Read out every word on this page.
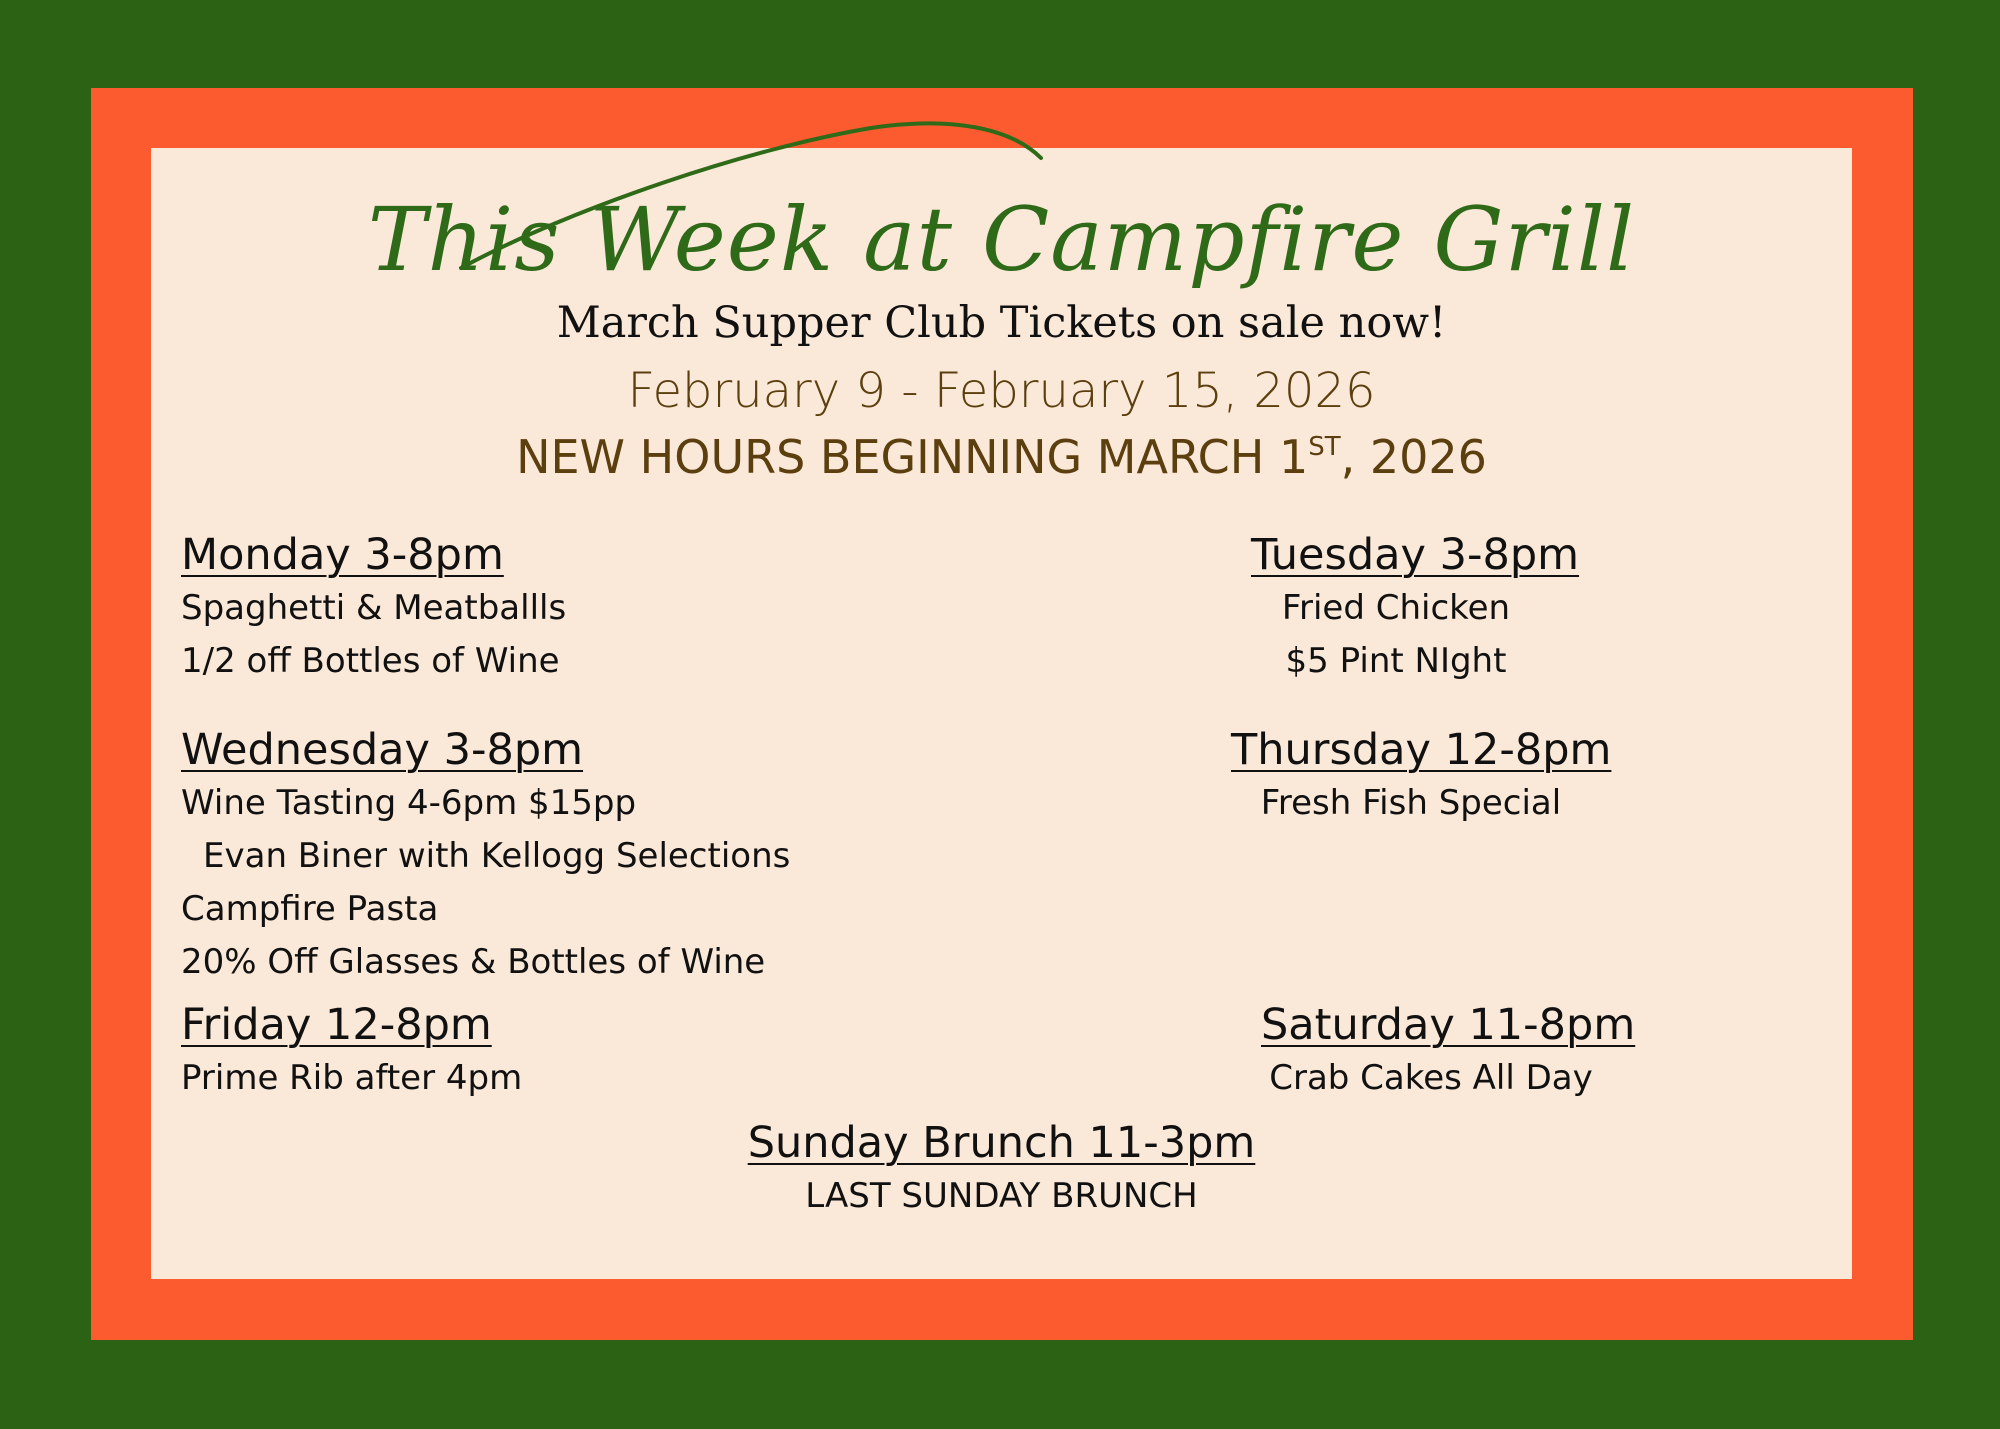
This Week at Campfire Grill
March Supper Club Tickets on sale now!
February 9 - February 15, 2026
NEW HOURS BEGINNING MARCH 1ST, 2026
Monday 3-8pm
Spaghetti & Meatballls
1/2 off Bottles of Wine
Tuesday 3-8pm
Fried Chicken
$5 Pint NIght
Wednesday 3-8pm
Wine Tasting 4-6pm $15pp
Evan Biner with Kellogg Selections
Campfire Pasta
20% Off Glasses & Bottles of Wine
Thursday 12-8pm
Fresh Fish Special
Friday 12-8pm
Prime Rib after 4pm
Saturday 11-8pm
Crab Cakes All Day
Sunday Brunch 11-3pm
LAST SUNDAY BRUNCH
